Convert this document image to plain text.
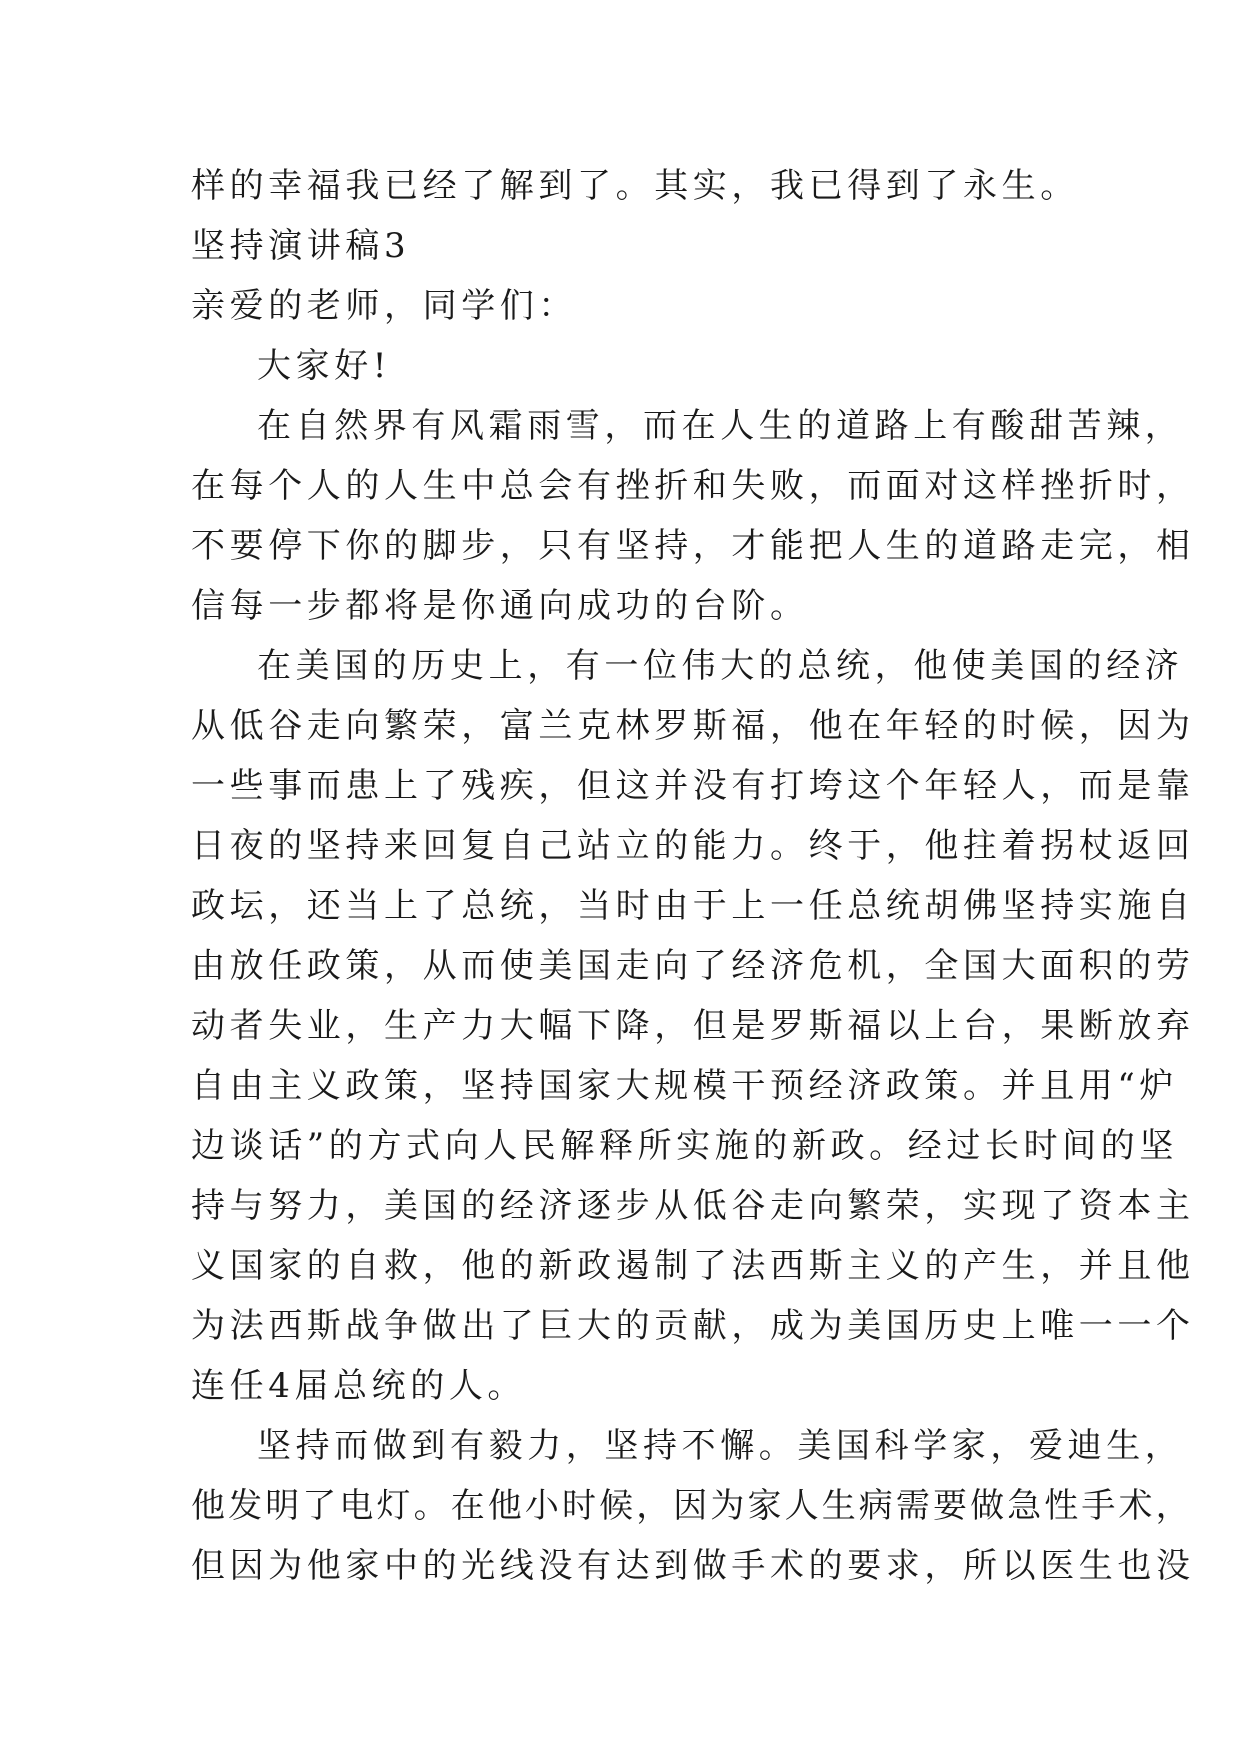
样的幸福我已经了解到了。其实，我已得到了永生。
坚持演讲稿3
亲爱的老师，同学们：
大家好!
在自然界有风霜雨雪，而在人生的道路上有酸甜苦辣，
在每个人的人生中总会有挫折和失败，而面对这样挫折时，
不要停下你的脚步，只有坚持，才能把人生的道路走完，相
信每一步都将是你通向成功的台阶。
在美国的历史上，有一位伟大的总统，他使美国的经济
从低谷走向繁荣，富兰克林罗斯福，他在年轻的时候，因为
一些事而患上了残疾，但这并没有打垮这个年轻人，而是靠
日夜的坚持来回复自己站立的能力。终于，他拄着拐杖返回
政坛，还当上了总统，当时由于上一任总统胡佛坚持实施自
由放任政策，从而使美国走向了经济危机，全国大面积的劳
动者失业，生产力大幅下降，但是罗斯福以上台，果断放弃
自由主义政策，坚持国家大规模干预经济政策。并且用“炉
边谈话”的方式向人民解释所实施的新政。经过长时间的坚
持与努力，美国的经济逐步从低谷走向繁荣，实现了资本主
义国家的自救，他的新政遏制了法西斯主义的产生，并且他
为法西斯战争做出了巨大的贡献，成为美国历史上唯一一个
连任4届总统的人。
坚持而做到有毅力，坚持不懈。美国科学家，爱迪生，
他发明了电灯。在他小时候，因为家人生病需要做急性手术，
但因为他家中的光线没有达到做手术的要求，所以医生也没
